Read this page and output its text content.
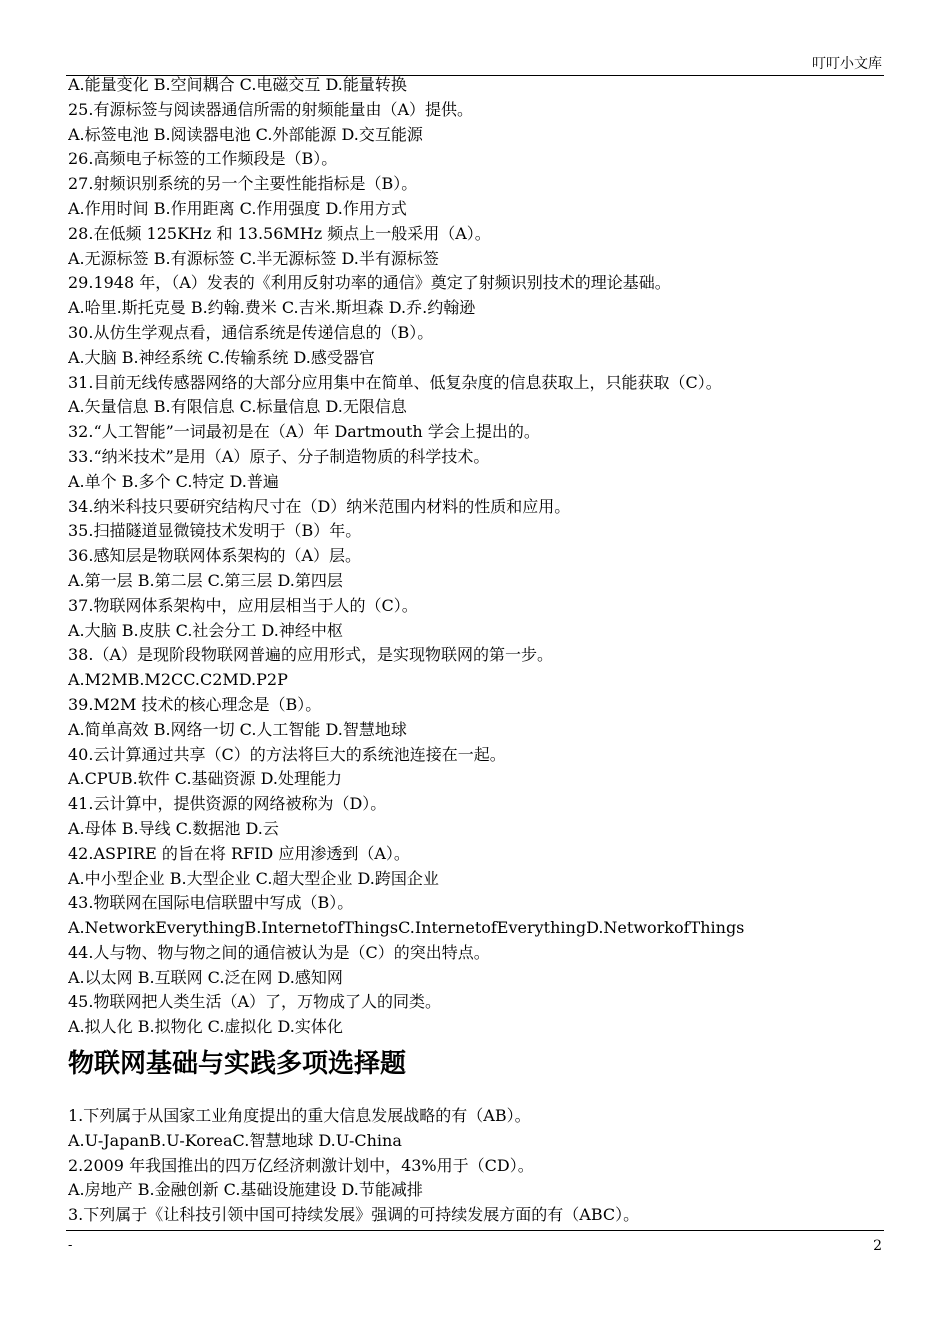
叮叮小文库
A.能量变化 B.空间耦合 C.电磁交互 D.能量转换
25.有源标签与阅读器通信所需的射频能量由（A）提供。
A.标签电池 B.阅读器电池 C.外部能源 D.交互能源
26.高频电子标签的工作频段是（B）。
27.射频识别系统的另一个主要性能指标是（B）。
A.作用时间 B.作用距离 C.作用强度 D.作用方式
28.在低频 125KHz 和 13.56MHz 频点上一般采用（A）。
A.无源标签 B.有源标签 C.半无源标签 D.半有源标签
29.1948 年，（A）发表的《利用反射功率的通信》奠定了射频识别技术的理论基础。
A.哈里.斯托克曼 B.约翰.费米 C.吉米.斯坦森 D.乔.约翰逊
30.从仿生学观点看，通信系统是传递信息的（B）。
A.大脑 B.神经系统 C.传输系统 D.感受器官
31.目前无线传感器网络的大部分应用集中在简单、低复杂度的信息获取上，只能获取（C）。
A.矢量信息 B.有限信息 C.标量信息 D.无限信息
32.“人工智能”一词最初是在（A）年 Dartmouth 学会上提出的。
33.“纳米技术”是用（A）原子、分子制造物质的科学技术。
A.单个 B.多个 C.特定 D.普遍
34.纳米科技只要研究结构尺寸在（D）纳米范围内材料的性质和应用。
35.扫描隧道显微镜技术发明于（B）年。
36.感知层是物联网体系架构的（A）层。
A.第一层 B.第二层 C.第三层 D.第四层
37.物联网体系架构中，应用层相当于人的（C）。
A.大脑 B.皮肤 C.社会分工 D.神经中枢
38.（A）是现阶段物联网普遍的应用形式，是实现物联网的第一步。
A.M2MB.M2CC.C2MD.P2P
39.M2M 技术的核心理念是（B）。
A.简单高效 B.网络一切 C.人工智能 D.智慧地球
40.云计算通过共享（C）的方法将巨大的系统池连接在一起。
A.CPUB.软件 C.基础资源 D.处理能力
41.云计算中，提供资源的网络被称为（D）。
A.母体 B.导线 C.数据池 D.云
42.ASPIRE 的旨在将 RFID 应用渗透到（A）。
A.中小型企业 B.大型企业 C.超大型企业 D.跨国企业
43.物联网在国际电信联盟中写成（B）。
A.NetworkEverythingB.InternetofThingsC.InternetofEverythingD.NetworkofThings
44.人与物、物与物之间的通信被认为是（C）的突出特点。
A.以太网 B.互联网 C.泛在网 D.感知网
45.物联网把人类生活（A）了，万物成了人的同类。
A.拟人化 B.拟物化 C.虚拟化 D.实体化
物联网基础与实践多项选择题
1.下列属于从国家工业角度提出的重大信息发展战略的有（AB）。
A.U-JapanB.U-KoreaC.智慧地球 D.U-China
2.2009 年我国推出的四万亿经济刺激计划中，43%用于（CD）。
A.房地产 B.金融创新 C.基础设施建设 D.节能减排
3.下列属于《让科技引领中国可持续发展》强调的可持续发展方面的有（ABC）。
-	2
